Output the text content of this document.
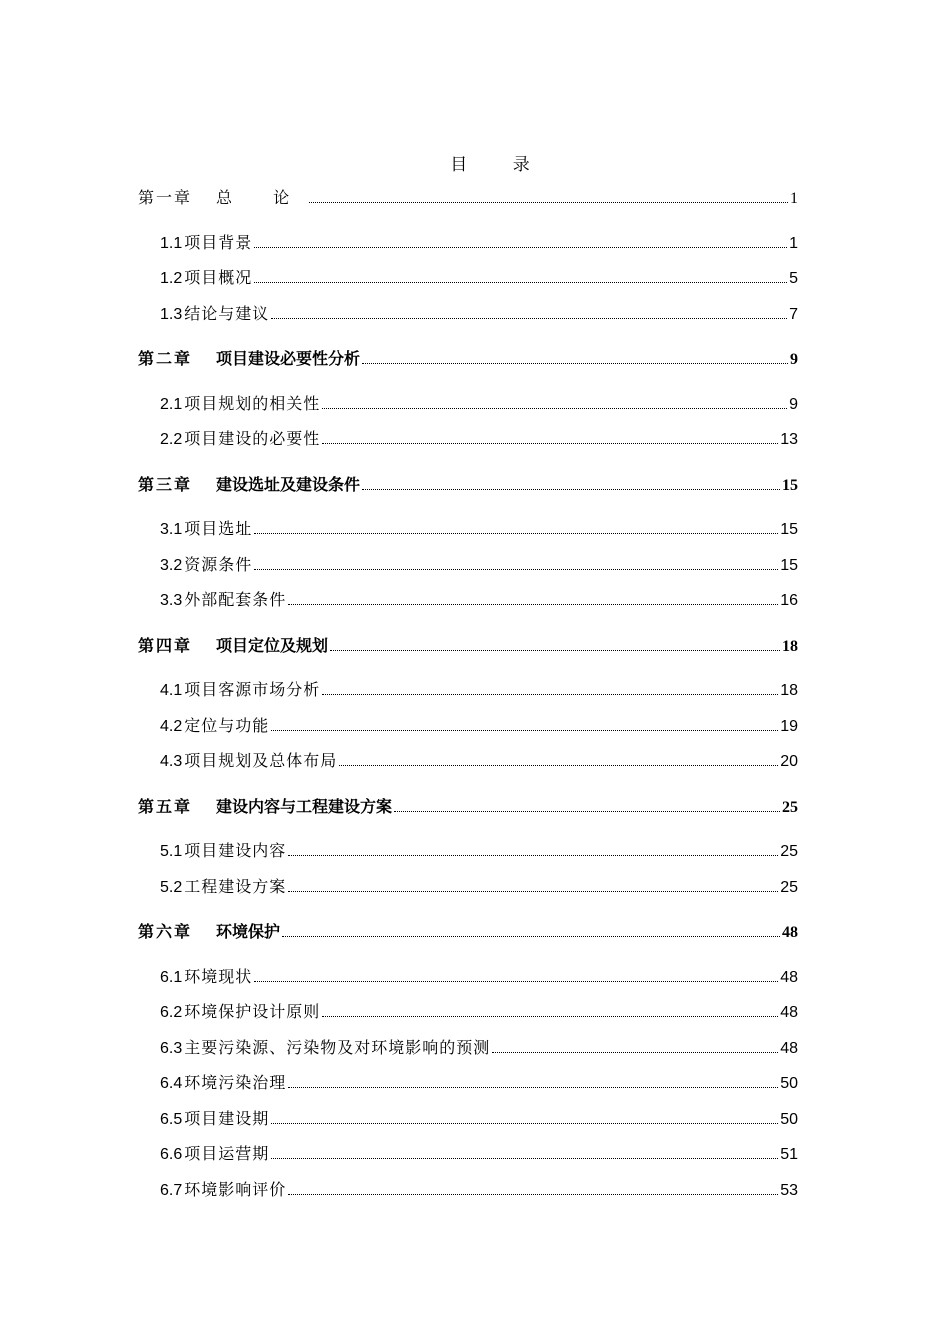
目 录
第一章 总 论	1
1.1 项目背景	1
1.2 项目概况	5
1.3 结论与建议	7
第二章 项目建设必要性分析	9
2.1 项目规划的相关性	9
2.2 项目建设的必要性	13
第三章 建设选址及建设条件	15
3.1 项目选址	15
3.2 资源条件	15
3.3 外部配套条件	16
第四章 项目定位及规划	18
4.1 项目客源市场分析	18
4.2 定位与功能	19
4.3 项目规划及总体布局	20
第五章 建设内容与工程建设方案	25
5.1 项目建设内容	25
5.2 工程建设方案	25
第六章 环境保护	48
6.1 环境现状	48
6.2 环境保护设计原则	48
6.3 主要污染源、污染物及对环境影响的预测	48
6.4 环境污染治理	50
6.5 项目建设期	50
6.6 项目运营期	51
6.7 环境影响评价	53
